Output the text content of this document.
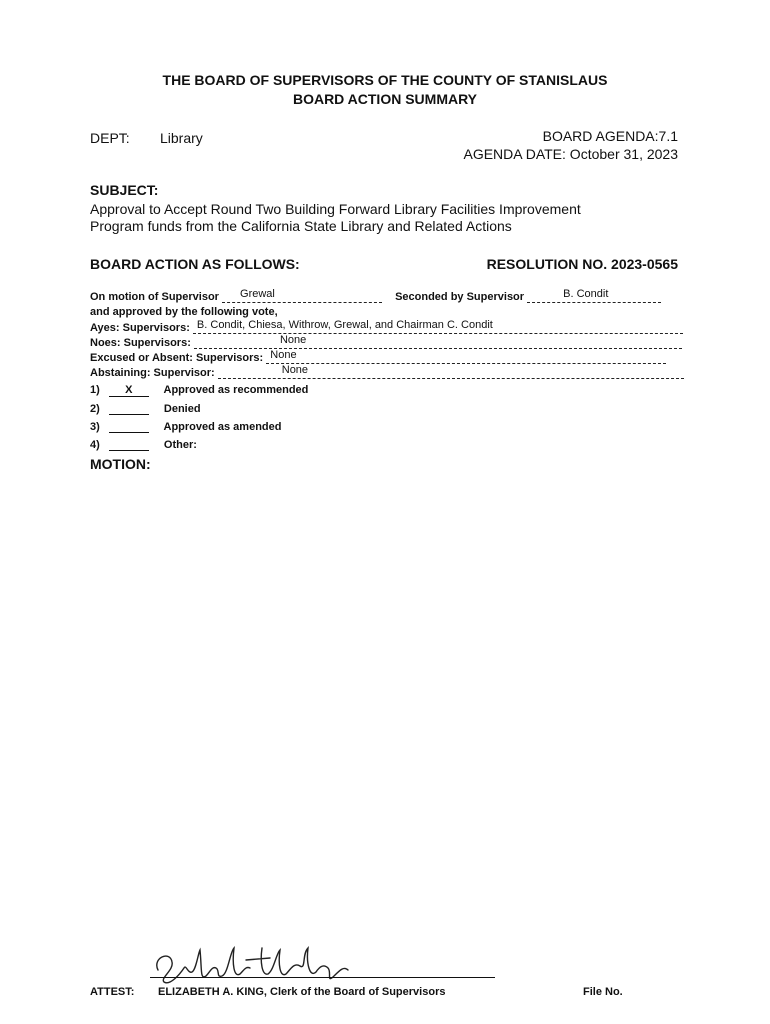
THE BOARD OF SUPERVISORS OF THE COUNTY OF STANISLAUS
BOARD ACTION SUMMARY
DEPT: Library	BOARD AGENDA:7.1
AGENDA DATE: October 31, 2023
SUBJECT:
Approval to Accept Round Two Building Forward Library Facilities Improvement
Program funds from the California State Library and Related Actions
BOARD ACTION AS FOLLOWS:	RESOLUTION NO. 2023-0565
On motion of Supervisor Grewal	Seconded by Supervisor	B. Condit
and approved by the following vote,
Ayes: Supervisors: B. Condit, Chiesa, Withrow, Grewal, and Chairman C. Condit
Noes: Supervisors:	None
Excused or Absent: Supervisors: None
Abstaining: Supervisor:	None
1) X	Approved as recommended
2)	Denied
3)	Approved as amended
4)	Other:
MOTION:
ATTEST: ELIZABETH A. KING, Clerk of the Board of Supervisors	File No.
